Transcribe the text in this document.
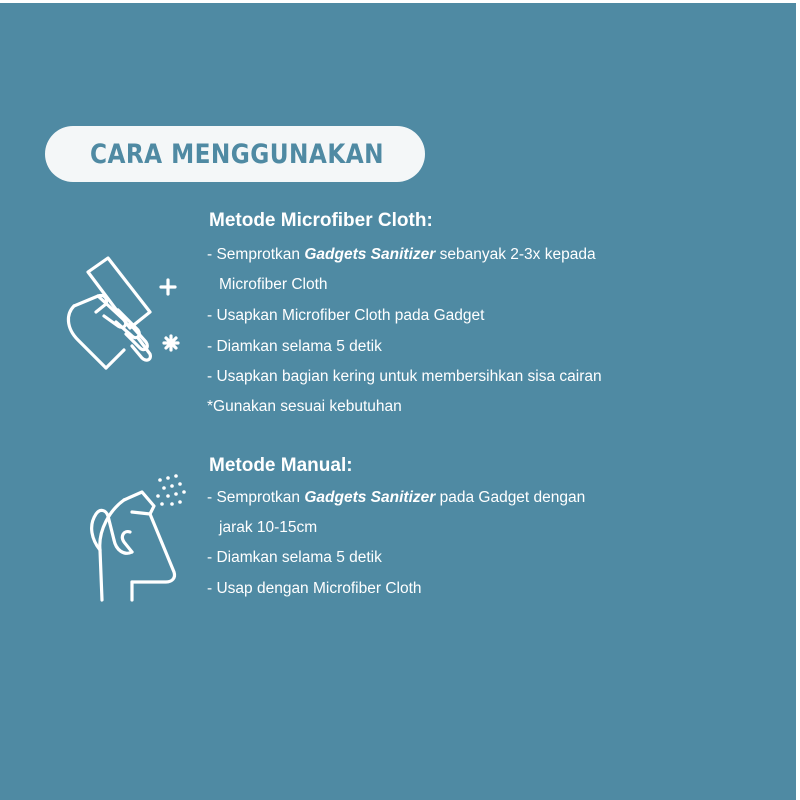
CARA MENGGUNAKAN
Metode Microfiber Cloth:
- Semprotkan Gadgets Sanitizer sebanyak 2-3x kepada
Microfiber Cloth
- Usapkan Microfiber Cloth pada Gadget
- Diamkan selama 5 detik
- Usapkan bagian kering untuk membersihkan sisa cairan
*Gunakan sesuai kebutuhan
Metode Manual:
- Semprotkan Gadgets Sanitizer pada Gadget dengan
jarak 10-15cm
- Diamkan selama 5 detik
- Usap dengan Microfiber Cloth
